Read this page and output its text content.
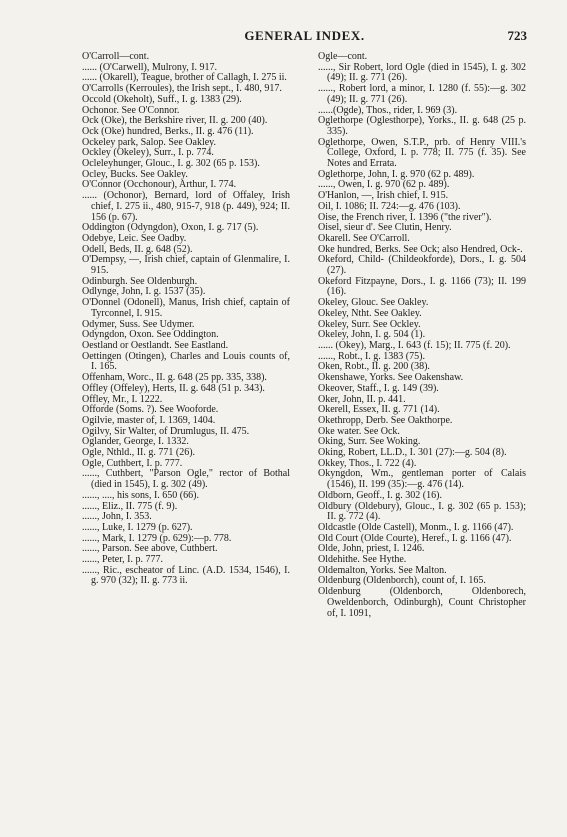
GENERAL INDEX.	723

O'Carroll—cont.

...... (O'Carwell), Mulrony, I. 917.

...... (Okarell), Teague, brother of Callagh, I. 275 ii.

O'Carrolls (Kerroules), the Irish sept., I. 480, 917.

Occold (Okeholt), Suff., I. g. 1383 (29).

Ochonor. See O'Connor.

Ock (Oke), the Berkshire river, II. g. 200 (40).

Ock (Oke) hundred, Berks., II. g. 476 (11).

Ockeley park, Salop. See Oakley.

Ockley (Okeley), Surr., I. p. 774.

Ocleleyhunger, Glouc., I. g. 302 (65 p. 153).

Ocley, Bucks. See Oakley.

O'Connor (Occhonour), Arthur, I. 774.

...... (Ochonor), Bernard, lord of Offaley, Irish chief, I. 275 ii., 480, 915-7, 918 (p. 449), 924; II. 156 (p. 67).

Oddington (Odyngdon), Oxon, I. g. 717 (5).

Odebye, Leic. See Oadby.

Odell, Beds, II. g. 648 (52).

O'Dempsy, —, Irish chief, captain of Glenmalire, I. 915.

Odinburgh. See Oldenburgh.

Odlynge, John, I. g. 1537 (35).

O'Donnel (Odonell), Manus, Irish chief, captain of Tyrconnel, I. 915.

Odymer, Suss. See Udymer.

Odyngdon, Oxon. See Oddington.

Oestland or Oestlandt. See Eastland.

Oettingen (Otingen), Charles and Louis counts of, I. 165.

Offenham, Worc., II. g. 648 (25 pp. 335, 338).

Offley (Offeley), Herts, II. g. 648 (51 p. 343).

Offley, Mr., I. 1222.

Offorde (Soms. ?). See Wooforde.

Ogilvie, master of, I. 1369, 1404.

Ogilvy, Sir Walter, of Drumlugus, II. 475.

Oglander, George, I. 1332.

Ogle, Nthld., II. g. 771 (26).

Ogle, Cuthbert, I. p. 777.

......, Cuthbert, "Parson Ogle," rector of Bothal (died in 1545), I. g. 302 (49).

......, ...., his sons, I. 650 (66).

......, Eliz., II. 775 (f. 9).

......, John, I. 353.

......, Luke, I. 1279 (p. 627).

......, Mark, I. 1279 (p. 629):—p. 778.

......, Parson. See above, Cuthbert.

......, Peter, I. p. 777.

......, Ric., escheator of Linc. (A.D. 1534, 1546), I. g. 970 (32); II. g. 773 ii.

Ogle—cont.

......, Sir Robert, lord Ogle (died in 1545), I. g. 302 (49); II. g. 771 (26).

......, Robert lord, a minor, I. 1280 (f. 55):—g. 302 (49); II. g. 771 (26).

......(Ogde), Thos., rider, I. 969 (3).

Oglethorpe (Oglesthorpe), Yorks., II. g. 648 (25 p. 335).

Oglethorpe, Owen, S.T.P., prb. of Henry VIII.'s College, Oxford, I. p. 778; II. 775 (f. 35). See Notes and Errata.

Oglethorpe, John, I. g. 970 (62 p. 489).

......, Owen, I. g. 970 (62 p. 489).

O'Hanlon, —, Irish chief, I. 915.

Oil, I. 1086; II. 724:—g. 476 (103).

Oise, the French river, I. 1396 ("the river").

Oisel, sieur d'. See Clutin, Henry.

Okarell. See O'Carroll.

Oke hundred, Berks. See Ock; also Hendred, Ock-.

Okeford, Child- (Childeokforde), Dors., I. g. 504 (27).

Okeford Fitzpayne, Dors., I. g. 1166 (73); II. 199 (16).

Okeley, Glouc. See Oakley.

Okeley, Ntht. See Oakley.

Okeley, Surr. See Ockley.

Okeley, John, I. g. 504 (1).

...... (Okey), Marg., I. 643 (f. 15); II. 775 (f. 20).

......, Robt., I. g. 1383 (75).

Oken, Robt., II. g. 200 (38).

Okenshawe, Yorks. See Oakenshaw.

Okeover, Staff., I. g. 149 (39).

Oker, John, II. p. 441.

Okerell, Essex, II. g. 771 (14).

Okethropp, Derb. See Oakthorpe.

Oke water. See Ock.

Oking, Surr. See Woking.

Oking, Robert, LL.D., I. 301 (27):—g. 504 (8).

Okkey, Thos., I. 722 (4).

Okyngdon, Wm., gentleman porter of Calais (1546), II. 199 (35):—g. 476 (14).

Oldborn, Geoff., I. g. 302 (16).

Oldbury (Oldebury), Glouc., I. g. 302 (65 p. 153); II. g. 772 (4).

Oldcastle (Olde Castell), Monm., I. g. 1166 (47).

Old Court (Olde Courte), Heref., I. g. 1166 (47).

Olde, John, priest, I. 1246.

Oldehithe. See Hythe.

Oldemalton, Yorks. See Malton.

Oldenburg (Oldenborch), count of, I. 165.

Oldenburg (Oldenborch, Oldenborech, Oweldenborch, Odinburgh), Count Christopher of, I. 1091,
